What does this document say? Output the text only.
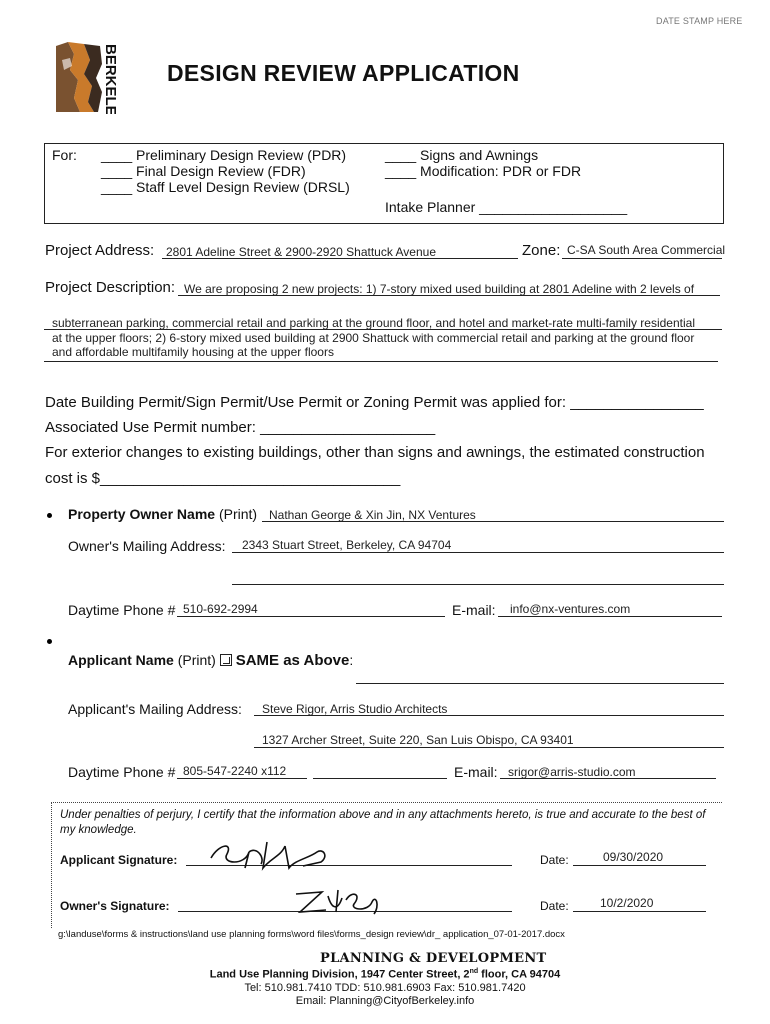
DATE STAMP HERE
BERKELEY
CITY OF
DESIGN REVIEW APPLICATION
For: ____ Preliminary Design Review (PDR)
____ Final Design Review (FDR)
____ Staff Level Design Review (DRSL)
____ Signs and Awnings
____ Modification: PDR or FDR
Intake Planner ___________________
Project Address: 2801 Adeline Street & 2900-2920 Shattuck Avenue	Zone: C-SA South Area Commercial
Project Description: We are proposing 2 new projects: 1) 7-story mixed used building at 2801 Adeline with 2 levels of
subterranean parking, commercial retail and parking at the ground floor, and hotel and market-rate multi-family residential
at the upper floors; 2) 6-story mixed used building at 2900 Shattuck with commercial retail and parking at the ground floor
and affordable multifamily housing at the upper floors
Date Building Permit/Sign Permit/Use Permit or Zoning Permit was applied for: ________________
Associated Use Permit number: _____________________
For exterior changes to existing buildings, other than signs and awnings, the estimated construction
cost is $____________________________________
Property Owner Name (Print) Nathan George & Xin Jin, NX Ventures
Owner's Mailing Address: 2343 Stuart Street, Berkeley, CA 94704
Daytime Phone # 510-692-2994	E-mail: info@nx-ventures.com
Applicant Name (Print) SAME as Above:
Applicant's Mailing Address: Steve Rigor, Arris Studio Architects
1327 Archer Street, Suite 220, San Luis Obispo, CA 93401
Daytime Phone # 805-547-2240 x112	E-mail: srigor@arris-studio.com
Under penalties of perjury, I certify that the information above and in any attachments hereto, is true and accurate to the best of my knowledge.
Applicant Signature:	Date:	09/30/2020
Owner's Signature:	Date:	10/2/2020
g:\landuse\forms & instructions\land use planning forms\word files\forms_design review\dr_ application_07-01-2017.docx
PLANNING & DEVELOPMENT
Land Use Planning Division, 1947 Center Street, 2nd floor, CA 94704
Tel: 510.981.7410 TDD: 510.981.6903 Fax: 510.981.7420
Email: Planning@CityofBerkeley.info
